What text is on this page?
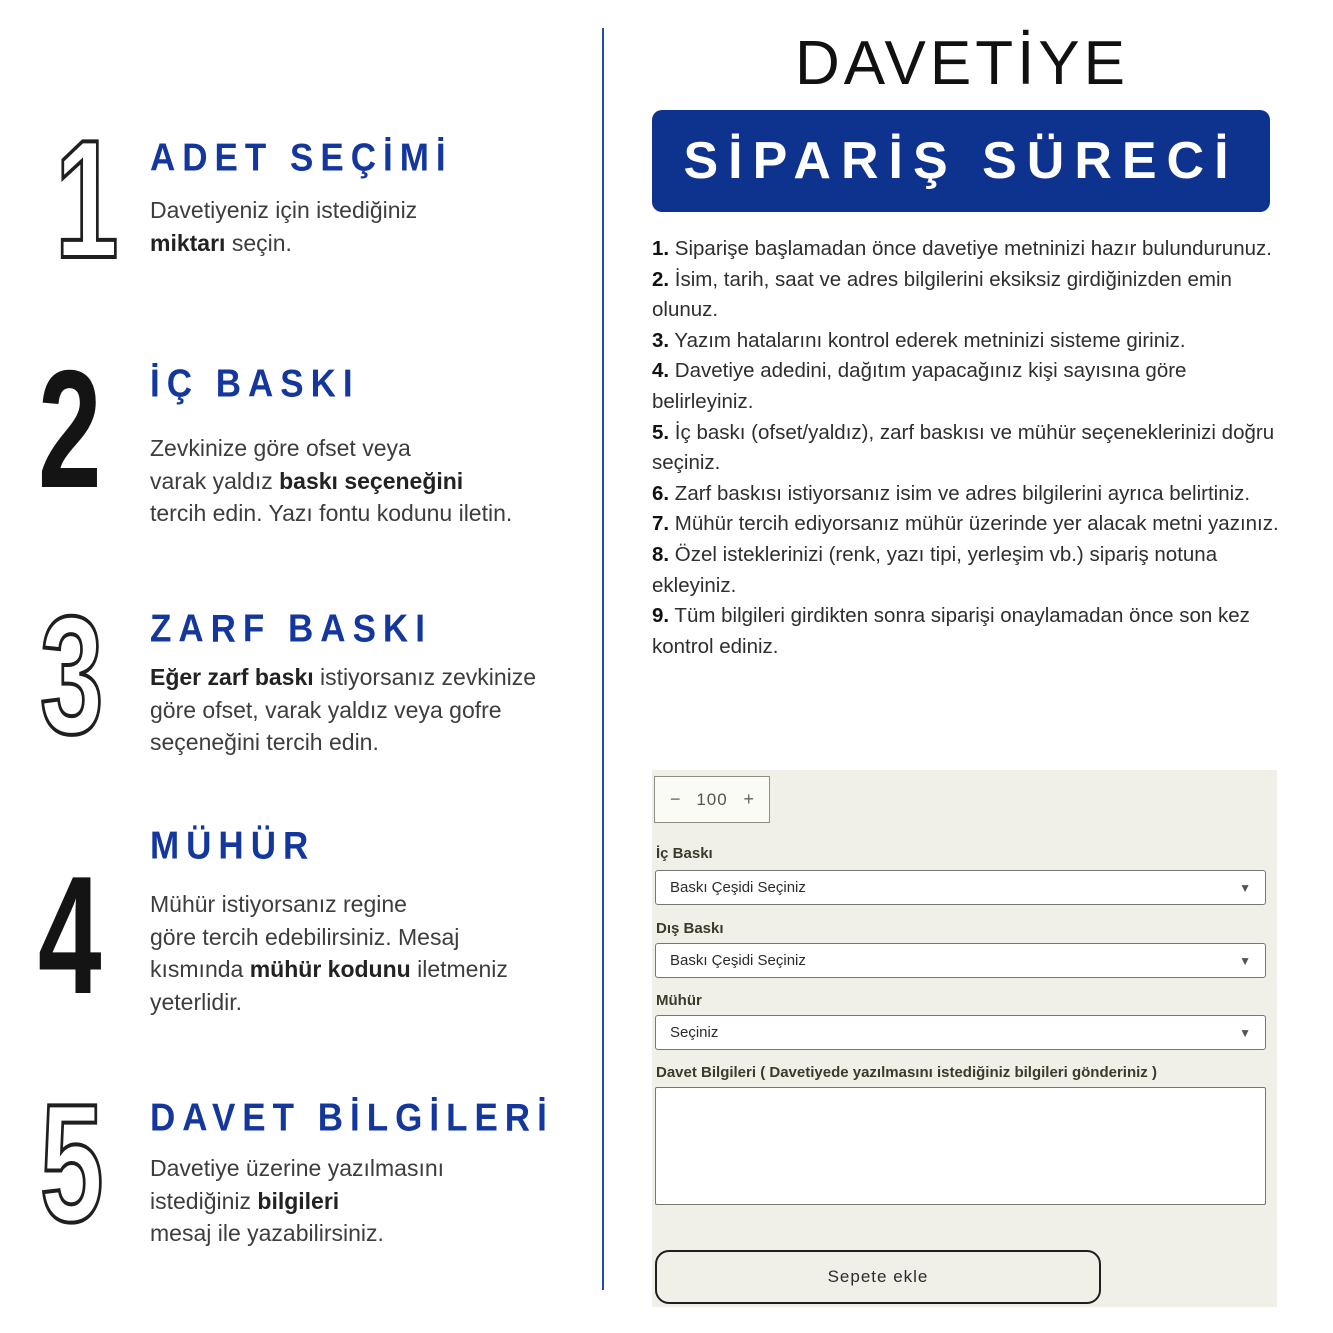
1 ADET SEÇİMİ
Davetiyeniz için istediğiniz
miktarı seçin.
2 İÇ BASKI
Zevkinize göre ofset veya
varak yaldız baskı seçeneğini
tercih edin. Yazı fontu kodunu iletin.
3 ZARF BASKI
Eğer zarf baskı istiyorsanız zevkinize
göre ofset, varak yaldız veya gofre
seçeneğini tercih edin.
4 MÜHÜR
Mühür istiyorsanız regine
göre tercih edebilirsiniz. Mesaj
kısmında mühür kodunu iletmeniz
yeterlidir.
5 DAVET BİLGİLERİ
Davetiye üzerine yazılmasını
istediğiniz bilgileri
mesaj ile yazabilirsiniz.
DAVETİYE
SİPARİŞ SÜRECİ

1. Siparişe başlamadan önce davetiye metninizi hazır bulundurunuz.

2. İsim, tarih, saat ve adres bilgilerini eksiksiz girdiğinizden emin olunuz.

3. Yazım hatalarını kontrol ederek metninizi sisteme giriniz.

4. Davetiye adedini, dağıtım yapacağınız kişi sayısına göre belirleyiniz.

5. İç baskı (ofset/yaldız), zarf baskısı ve mühür seçeneklerinizi doğru seçiniz.

6. Zarf baskısı istiyorsanız isim ve adres bilgilerini ayrıca belirtiniz.

7. Mühür tercih ediyorsanız mühür üzerinde yer alacak metni yazınız.

8. Özel isteklerinizi (renk, yazı tipi, yerleşim vb.) sipariş notuna ekleyiniz.

9. Tüm bilgileri girdikten sonra siparişi onaylamadan önce son kez kontrol ediniz.

− 100 +
İç Baskı
Baskı Çeşidi Seçiniz	▼
Dış Baskı
Baskı Çeşidi Seçiniz	▼
Mühür
Seçiniz	▼
Davet Bilgileri ( Davetiyede yazılmasını istediğiniz bilgileri gönderiniz )
Sepete ekle
